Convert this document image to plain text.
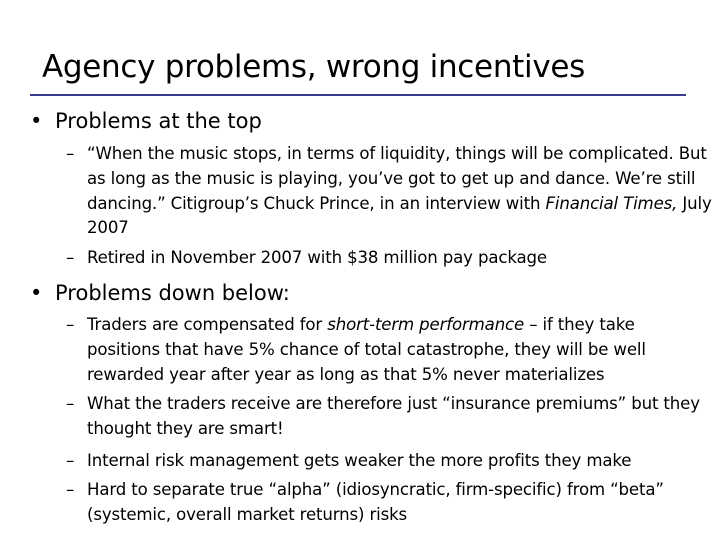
Agency problems, wrong incentives
• Problems at the top
– “When the music stops, in terms of liquidity, things will be complicated. But as long as the music is playing, you’ve got to get up and dance. We’re still dancing.” Citigroup’s Chuck Prince, in an interview with Financial Times, July 2007
– Retired in November 2007 with $38 million pay package
• Problems down below:
– Traders are compensated for short-term performance – if they take positions that have 5% chance of total catastrophe, they will be well rewarded year after year as long as that 5% never materializes
– What the traders receive are therefore just “insurance premiums” but they thought they are smart!
– Internal risk management gets weaker the more profits they make
– Hard to separate true “alpha” (idiosyncratic, firm-specific) from “beta” (systemic, overall market returns) risks
